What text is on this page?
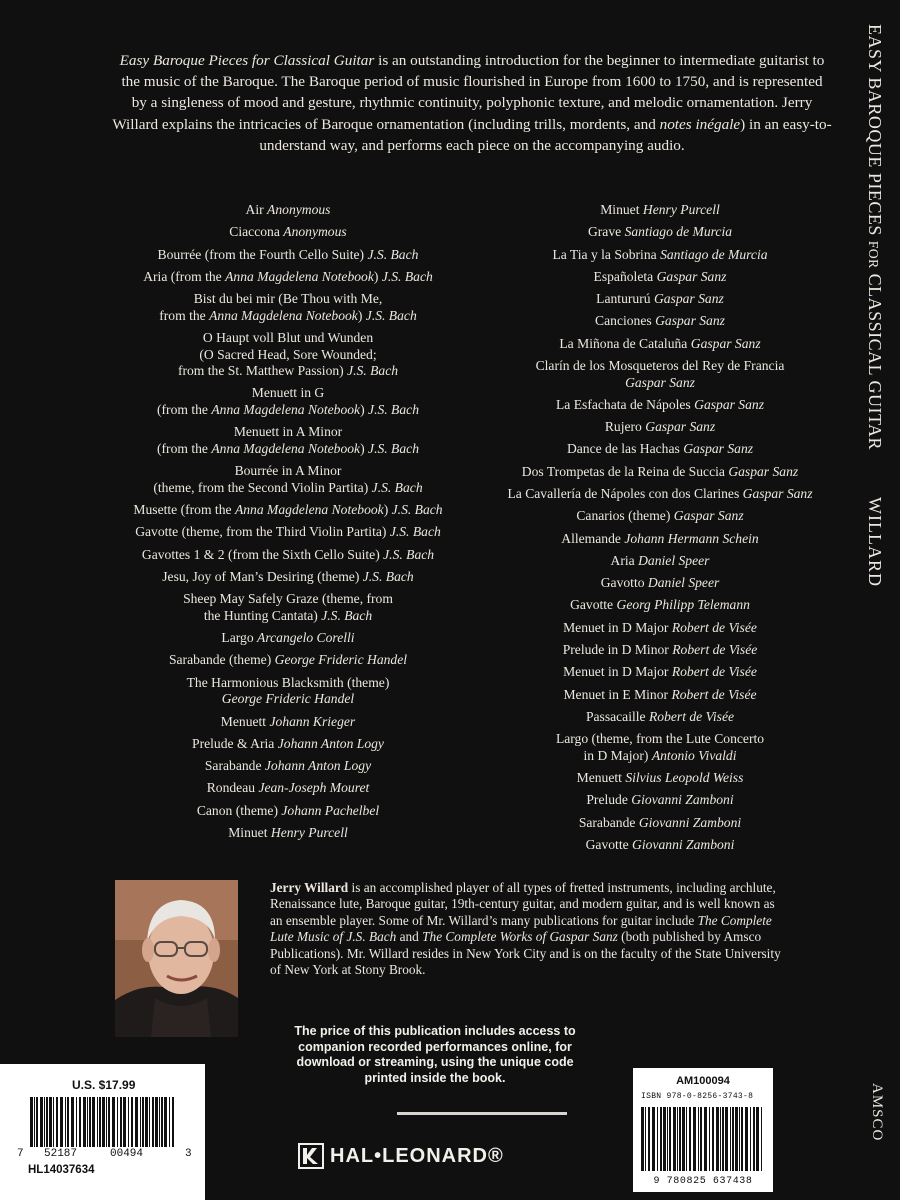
Easy Baroque Pieces for Classical Guitar is an outstanding introduction for the beginner to intermediate guitarist to the music of the Baroque. The Baroque period of music flourished in Europe from 1600 to 1750, and is represented by a singleness of mood and gesture, rhythmic continuity, polyphonic texture, and melodic ornamentation. Jerry Willard explains the intricacies of Baroque ornamentation (including trills, mordents, and notes inégale) in an easy-to-understand way, and performs each piece on the accompanying audio.

Air Anonymous
Ciaccona Anonymous
Bourrée (from the Fourth Cello Suite) J.S. Bach
Aria (from the Anna Magdelena Notebook) J.S. Bach
Bist du bei mir (Be Thou with Me,
from the Anna Magdelena Notebook) J.S. Bach
O Haupt voll Blut und Wunden
(O Sacred Head, Sore Wounded;
from the St. Matthew Passion) J.S. Bach
Menuett in G
(from the Anna Magdelena Notebook) J.S. Bach
Menuett in A Minor
(from the Anna Magdelena Notebook) J.S. Bach
Bourrée in A Minor
(theme, from the Second Violin Partita) J.S. Bach
Musette (from the Anna Magdelena Notebook) J.S. Bach
Gavotte (theme, from the Third Violin Partita) J.S. Bach
Gavottes 1 & 2 (from the Sixth Cello Suite) J.S. Bach
Jesu, Joy of Man’s Desiring (theme) J.S. Bach
Sheep May Safely Graze (theme, from
the Hunting Cantata) J.S. Bach
Largo Arcangelo Corelli
Sarabande (theme) George Frideric Handel
The Harmonious Blacksmith (theme)
George Frideric Handel
Menuett Johann Krieger
Prelude & Aria Johann Anton Logy
Sarabande Johann Anton Logy
Rondeau Jean-Joseph Mouret
Canon (theme) Johann Pachelbel
Minuet Henry Purcell
Minuet Henry Purcell
Grave Santiago de Murcia
La Tia y la Sobrina Santiago de Murcia
Españoleta Gaspar Sanz
Lantururú Gaspar Sanz
Canciones Gaspar Sanz
La Miñona de Cataluña Gaspar Sanz
Clarín de los Mosqueteros del Rey de Francia
Gaspar Sanz
La Esfachata de Nápoles Gaspar Sanz
Rujero Gaspar Sanz
Dance de las Hachas Gaspar Sanz
Dos Trompetas de la Reina de Succia Gaspar Sanz
La Cavallería de Nápoles con dos Clarines Gaspar Sanz
Canarios (theme) Gaspar Sanz
Allemande Johann Hermann Schein
Aria Daniel Speer
Gavotto Daniel Speer
Gavotte Georg Philipp Telemann
Menuet in D Major Robert de Visée
Prelude in D Minor Robert de Visée
Menuet in D Major Robert de Visée
Menuet in E Minor Robert de Visée
Passacaille Robert de Visée
Largo (theme, from the Lute Concerto
in D Major) Antonio Vivaldi
Menuett Silvius Leopold Weiss
Prelude Giovanni Zamboni
Sarabande Giovanni Zamboni
Gavotte Giovanni Zamboni
EASY BAROQUE PIECES FOR CLASSICAL GUITAR
WILLARD
AMSCO

Jerry Willard is an accomplished player of all types of fretted instruments, including archlute, Renaissance lute, Baroque guitar, 19th-century guitar, and modern guitar, and is well known as an ensemble player. Some of Mr. Willard’s many publications for guitar include The Complete Lute Music of J.S. Bach and The Complete Works of Gaspar Sanz (both published by Amsco Publications). Mr. Willard resides in New York City and is on the faculty of the State University of New York at Stony Brook.

The price of this publication includes access to companion recorded performances online, for download or streaming, using the unique code printed inside the book.

HAL•LEONARD®
U.S. $17.99
7 52187	00494	3
HL14037634
AM100094
ISBN 978-0-8256-3743-8
9 780825 637438
